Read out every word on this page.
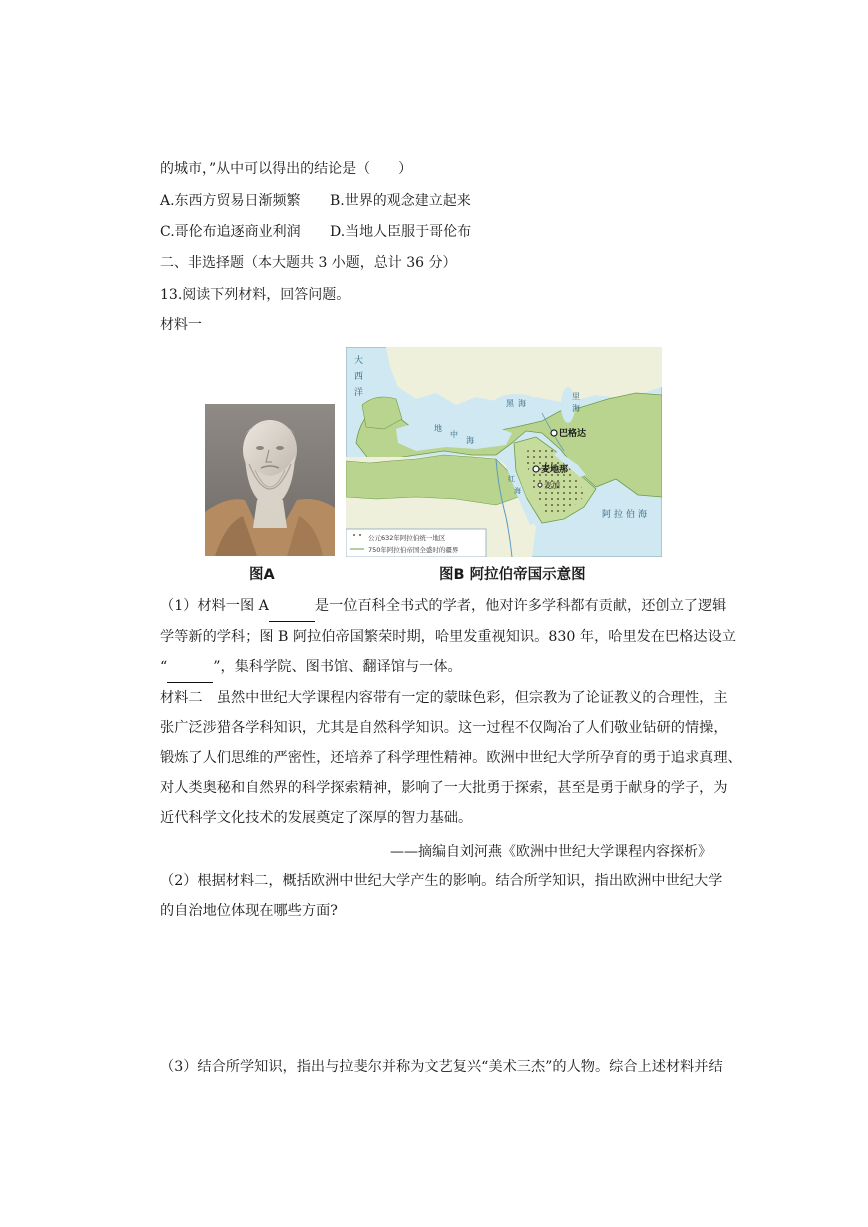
的城市，”从中可以得出的结论是（　　）
A.东西方贸易日渐频繁 B.世界的观念建立起来
C.哥伦布追逐商业利润 D.当地人臣服于哥伦布
二、非选择题（本大题共 3 小题，总计 36 分）
13.阅读下列材料，回答问题。
材料一
图A
大
西
洋
黑 海
里
海
地
中
海
红
海
阿 拉 伯 海
巴格达
麦地那
麦加
公元632年阿拉伯统一地区
750年阿拉伯帝国全盛时的疆界
图B 阿拉伯帝国示意图
（1）材料一图 A	是一位百科全书式的学者，他对许多学科都有贡献，还创立了逻辑
学等新的学科；图 B 阿拉伯帝国繁荣时期，哈里发重视知识。830 年，哈里发在巴格达设立
“	”，集科学院、图书馆、翻译馆与一体。
材料二　虽然中世纪大学课程内容带有一定的蒙昧色彩，但宗教为了论证教义的合理性，主
张广泛涉猎各学科知识，尤其是自然科学知识。这一过程不仅陶冶了人们敬业钻研的情操，
锻炼了人们思维的严密性，还培养了科学理性精神。欧洲中世纪大学所孕育的勇于追求真理、
对人类奥秘和自然界的科学探索精神，影响了一大批勇于探索，甚至是勇于献身的学子，为
近代科学文化技术的发展奠定了深厚的智力基础。
——摘编自刘河燕《欧洲中世纪大学课程内容探析》
（2）根据材料二，概括欧洲中世纪大学产生的影响。结合所学知识，指出欧洲中世纪大学
的自治地位体现在哪些方面?
（3）结合所学知识，指出与拉斐尔并称为文艺复兴“美术三杰”的人物。综合上述材料并结
